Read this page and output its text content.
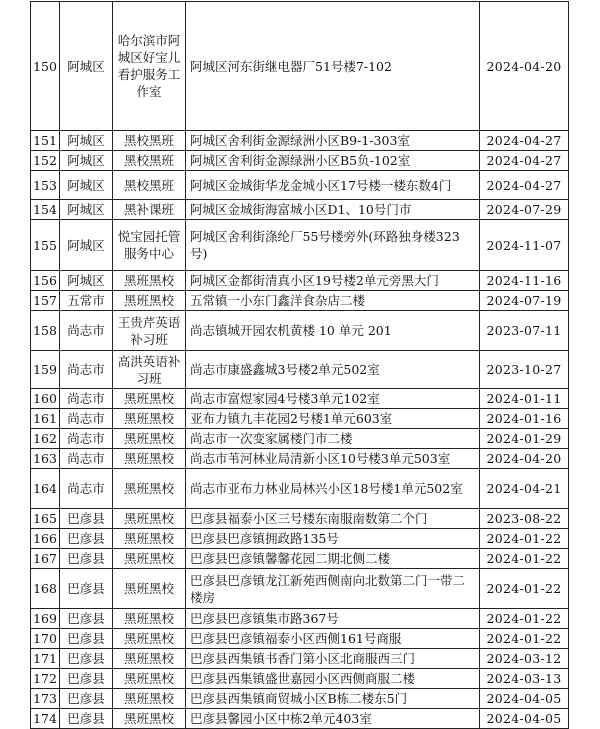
150	阿城区	哈尔滨市阿城区好宝儿看护服务工作室	阿城区河东街继电器厂51号楼7-102	2024-04-20
151	阿城区	黑校黑班	阿城区舍利街金源绿洲小区B9-1-303室	2024-04-27
152	阿城区	黑校黑班	阿城区舍利街金源绿洲小区B5负-102室	2024-04-27
153	阿城区	黑校黑班	阿城区金城街华龙金城小区17号楼一楼东数4门	2024-04-27
154	阿城区	黑补课班	阿城区金城街海富城小区D1、10号门市	2024-07-29
155	阿城区	悦宝园托管服务中心	阿城区舍利街涤纶厂55号楼旁外(环路独身楼323号)	2024-11-07
156	阿城区	黑班黑校	阿城区金都街清真小区19号楼2单元旁黑大门	2024-11-16
157	五常市	黑班黑校	五常镇一小东门鑫洋食杂店二楼	2024-07-19
158	尚志市	王贵芹英语补习班	尚志镇城开园农机黄楼 10 单元 201	2023-07-11
159	尚志市	高洪英语补习班	尚志市康盛鑫城3号楼2单元502室	2023-10-27
160	尚志市	黑班黑校	尚志市富煜家园4号楼3单元102室	2024-01-11
161	尚志市	黑班黑校	亚布力镇九丰花园2号楼1单元603室	2024-01-16
162	尚志市	黑班黑校	尚志市一次变家属楼门市二楼	2024-01-29
163	尚志市	黑班黑校	尚志市苇河林业局清新小区10号楼3单元503室	2024-04-20
164	尚志市	黑班黑校	尚志市亚布力林业局林兴小区18号楼1单元502室	2024-04-21
165	巴彦县	黑班黑校	巴彦县福泰小区三号楼东南服南数第二个门	2023-08-22
166	巴彦县	黑班黑校	巴彦县巴彦镇拥政路135号	2024-01-22
167	巴彦县	黑班黑校	巴彦县巴彦镇馨馨花园二期北侧二楼	2024-01-22
168	巴彦县	黑班黑校	巴彦县巴彦镇龙江新苑西侧南向北数第二门一带二楼房	2024-01-22
169	巴彦县	黑班黑校	巴彦县巴彦镇集市路367号	2024-01-22
170	巴彦县	黑班黑校	巴彦县巴彦镇福泰小区西侧161号商服	2024-01-22
171	巴彦县	黑班黑校	巴彦县西集镇书香门第小区北商服西三门	2024-03-12
172	巴彦县	黑班黑校	巴彦县西集镇盛世嘉园小区西侧商服二楼	2024-03-13
173	巴彦县	黑班黑校	巴彦县西集镇商贸城小区B栋二楼东5门	2024-04-05
174	巴彦县	黑班黑校	巴彦县馨园小区中栋2单元403室	2024-04-05
